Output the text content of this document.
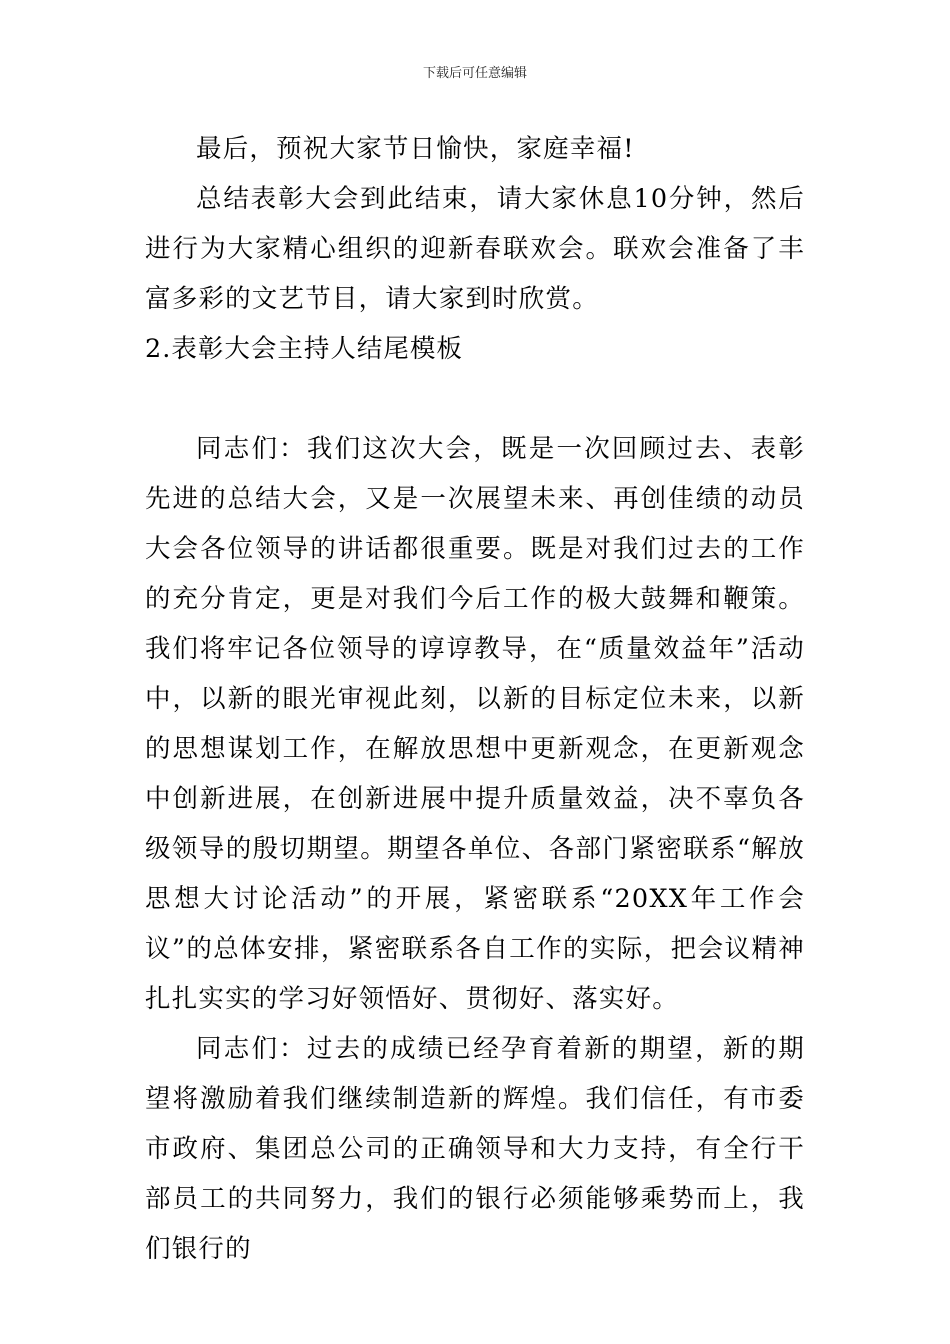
下载后可任意编辑

最后，预祝大家节日愉快，家庭幸福!

总结表彰大会到此结束，请大家休息10分钟，然后进行为大家精心组织的迎新春联欢会。联欢会准备了丰富多彩的文艺节目，请大家到时欣赏。

2.表彰大会主持人结尾模板

同志们：我们这次大会，既是一次回顾过去、表彰先进的总结大会，又是一次展望未来、再创佳绩的动员大会各位领导的讲话都很重要。既是对我们过去的工作的充分肯定，更是对我们今后工作的极大鼓舞和鞭策。我们将牢记各位领导的谆谆教导，在“质量效益年”活动中，以新的眼光审视此刻，以新的目标定位未来，以新的思想谋划工作，在解放思想中更新观念，在更新观念中创新进展，在创新进展中提升质量效益，决不辜负各级领导的殷切期望。期望各单位、各部门紧密联系“解放思想大讨论活动”的开展，紧密联系“20XX年工作会议”的总体安排，紧密联系各自工作的实际，把会议精神扎扎实实的学习好领悟好、贯彻好、落实好。

同志们：过去的成绩已经孕育着新的期望，新的期望将激励着我们继续制造新的辉煌。我们信任，有市委市政府、集团总公司的正确领导和大力支持，有全行干部员工的共同努力，我们的银行必须能够乘势而上，我们银行的
